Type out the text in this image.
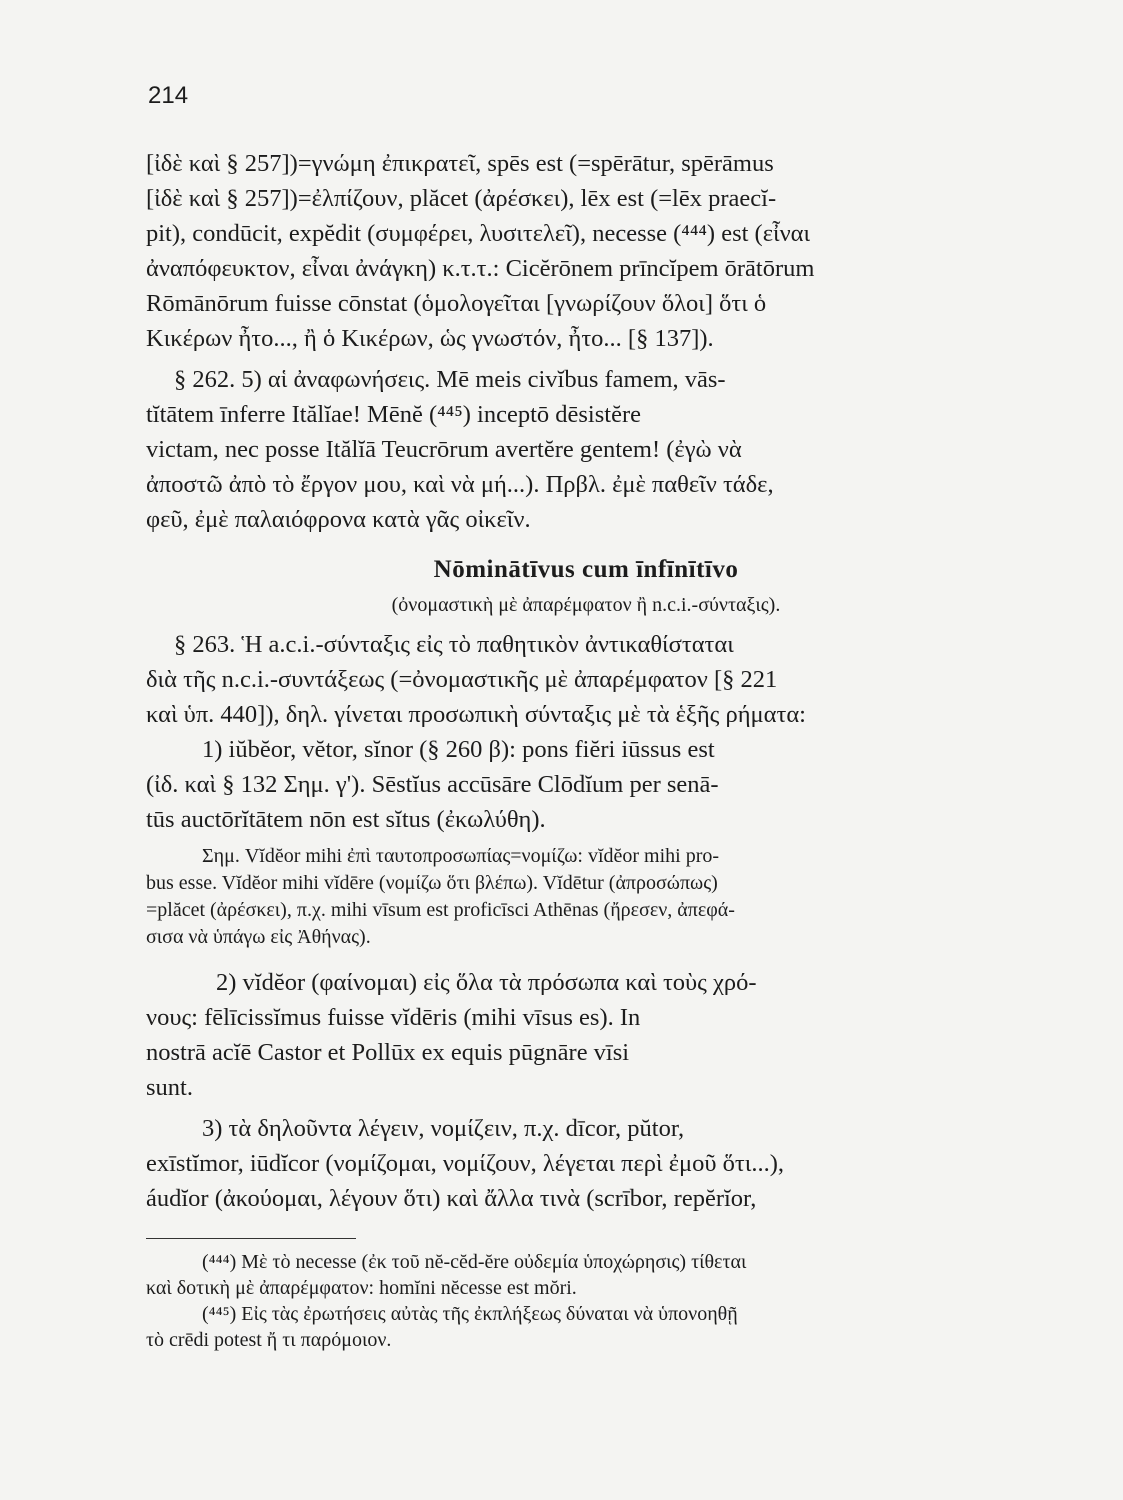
214
[ἰδὲ καὶ § 257])=γνώμη ἐπικρατεῖ, spēs est (=spērātur, spērāmus
[ἰδὲ καὶ § 257])=ἐλπίζουν, plăcet (ἀρέσκει), lēx est (=lēx praecĭ-
pit), condūcit, expĕdit (συμφέρει, λυσιτελεῖ), necesse (⁴⁴⁴) est (εἶναι
ἀναπόφευκτον, εἶναι ἀνάγκη) κ.τ.τ.: Cicĕrōnem prīncĭpem ōrātōrum
Rōmānōrum fuisse cōnstat (ὁμολογεῖται [γνωρίζουν ὅλοι] ὅτι ὁ
Κικέρων ἦτο..., ἢ ὁ Κικέρων, ὡς γνωστόν, ἦτο... [§ 137]).
§ 262. 5) αἱ ἀναφωνήσεις. Mē meis civĭbus famem, vās-
tĭtātem īnferre Itălĭae! Mēnĕ (⁴⁴⁵) inceptō dēsistĕre
victam, nec posse Itălĭā Teucrōrum avertĕre gentem! (ἐγὼ νὰ
ἀποστῶ ἀπὸ τὸ ἔργον μου, καὶ νὰ μή...). Πρβλ. ἐμὲ παθεῖν τάδε,
φεῦ, ἐμὲ παλαιόφρονα κατὰ γᾶς οἰκεῖν.
Nōminātīvus cum īnfīnītīvo
(ὀνομαστικὴ μὲ ἀπαρέμφατον ἢ n.c.i.-σύνταξις).
§ 263. Ἡ a.c.i.-σύνταξις εἰς τὸ παθητικὸν ἀντικαθίσταται
διὰ τῆς n.c.i.-συντάξεως (=ὀνομαστικῆς μὲ ἀπαρέμφατον [§ 221
καὶ ὑπ. 440]), δηλ. γίνεται προσωπικὴ σύνταξις μὲ τὰ ἑξῆς ρήματα:
1) iŭbĕor, vĕtor, sĭnor (§ 260 β): pons fiĕri iūssus est
(ἰδ. καὶ § 132 Σημ. γ'). Sēstĭus accūsāre Clōdĭum per senā-
tūs auctōrĭtātem nōn est sĭtus (ἐκωλύθη).
Σημ. Vĭdĕor mihi ἐπὶ ταυτοπροσωπίας=νομίζω: vĭdĕor mihi pro-
bus esse. Vĭdĕor mihi vĭdēre (νομίζω ὅτι βλέπω). Vĭdētur (ἀπροσώπως)
=plăcet (ἀρέσκει), π.χ. mihi vīsum est proficīsci Athēnas (ἤρεσεν, ἀπεφά-
σισα νὰ ὑπάγω εἰς Ἀθήνας).
2) vĭdĕor (φαίνομαι) εἰς ὅλα τὰ πρόσωπα καὶ τοὺς χρό-
νους: fēlīcissĭmus fuisse vĭdēris (mihi vīsus es). In
nostrā acĭē Castor et Pollūx ex equis pūgnāre vīsi
sunt.
3) τὰ δηλοῦντα λέγειν, νομίζειν, π.χ. dīcor, pŭtor,
exīstĭmor, iūdĭcor (νομίζομαι, νομίζουν, λέγεται περὶ ἐμοῦ ὅτι...),
áudĭor (ἀκούομαι, λέγουν ὅτι) καὶ ἄλλα τινὰ (scrībor, repĕrĭor,
(⁴⁴⁴) Μὲ τὸ necesse (ἐκ τοῦ nĕ-cĕd-ĕre οὐδεμία ὑποχώρησις) τίθεται
καὶ δοτικὴ μὲ ἀπαρέμφατον: homĭni nĕcesse est mŏri.
(⁴⁴⁵) Εἰς τὰς ἐρωτήσεις αὐτὰς τῆς ἐκπλήξεως δύναται νὰ ὑπονοηθῇ
τὸ crēdi potest ἤ τι παρόμοιον.
